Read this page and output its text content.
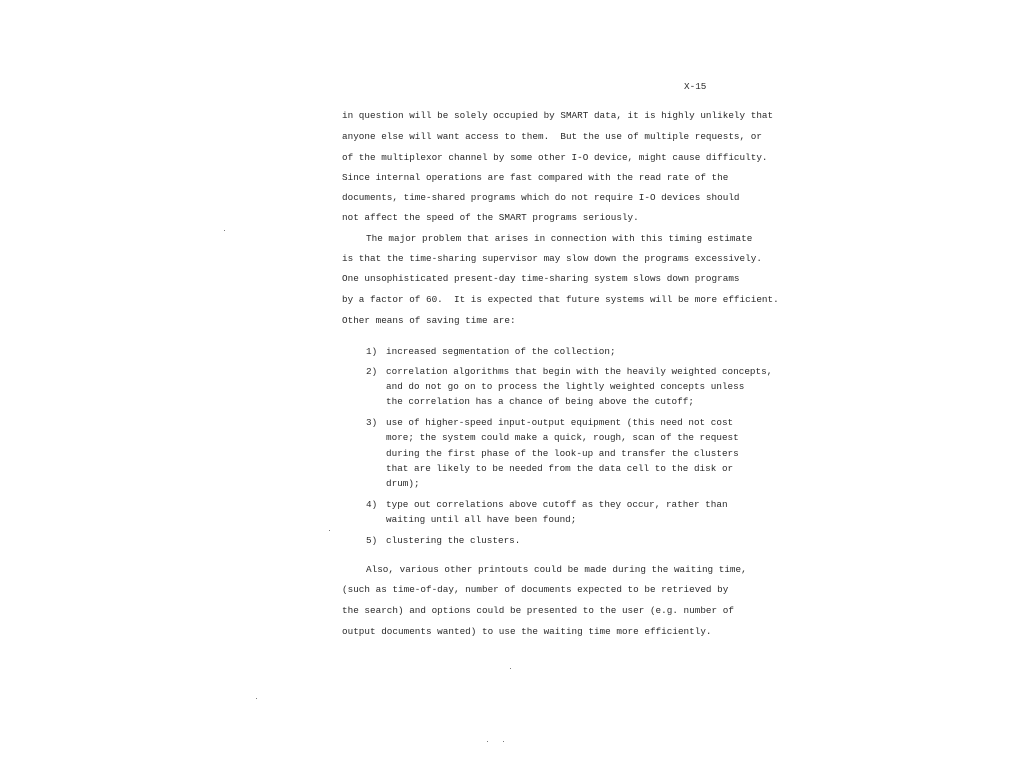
X-15

in question will be solely occupied by SMART data, it is highly unlikely that

anyone else will want access to them.  But the use of multiple requests, or

of the multiplexor channel by some other I-O device, might cause difficulty.

Since internal operations are fast compared with the read rate of the

documents, time-shared programs which do not require I-O devices should

not affect the speed of the SMART programs seriously.

The major problem that arises in connection with this timing estimate

is that the time-sharing supervisor may slow down the programs excessively.

One unsophisticated present-day time-sharing system slows down programs

by a factor of 60.  It is expected that future systems will be more efficient.

Other means of saving time are:

1) increased segmentation of the collection;

2) correlation algorithms that begin with the heavily weighted concepts,

and do not go on to process the lightly weighted concepts unless

the correlation has a chance of being above the cutoff;

3) use of higher-speed input-output equipment (this need not cost

more; the system could make a quick, rough, scan of the request

during the first phase of the look-up and transfer the clusters

that are likely to be needed from the data cell to the disk or

drum);

4) type out correlations above cutoff as they occur, rather than

waiting until all have been found;

5) clustering the clusters.

Also, various other printouts could be made during the waiting time,

(such as time-of-day, number of documents expected to be retrieved by

the search) and options could be presented to the user (e.g. number of

output documents wanted) to use the waiting time more efficiently.
